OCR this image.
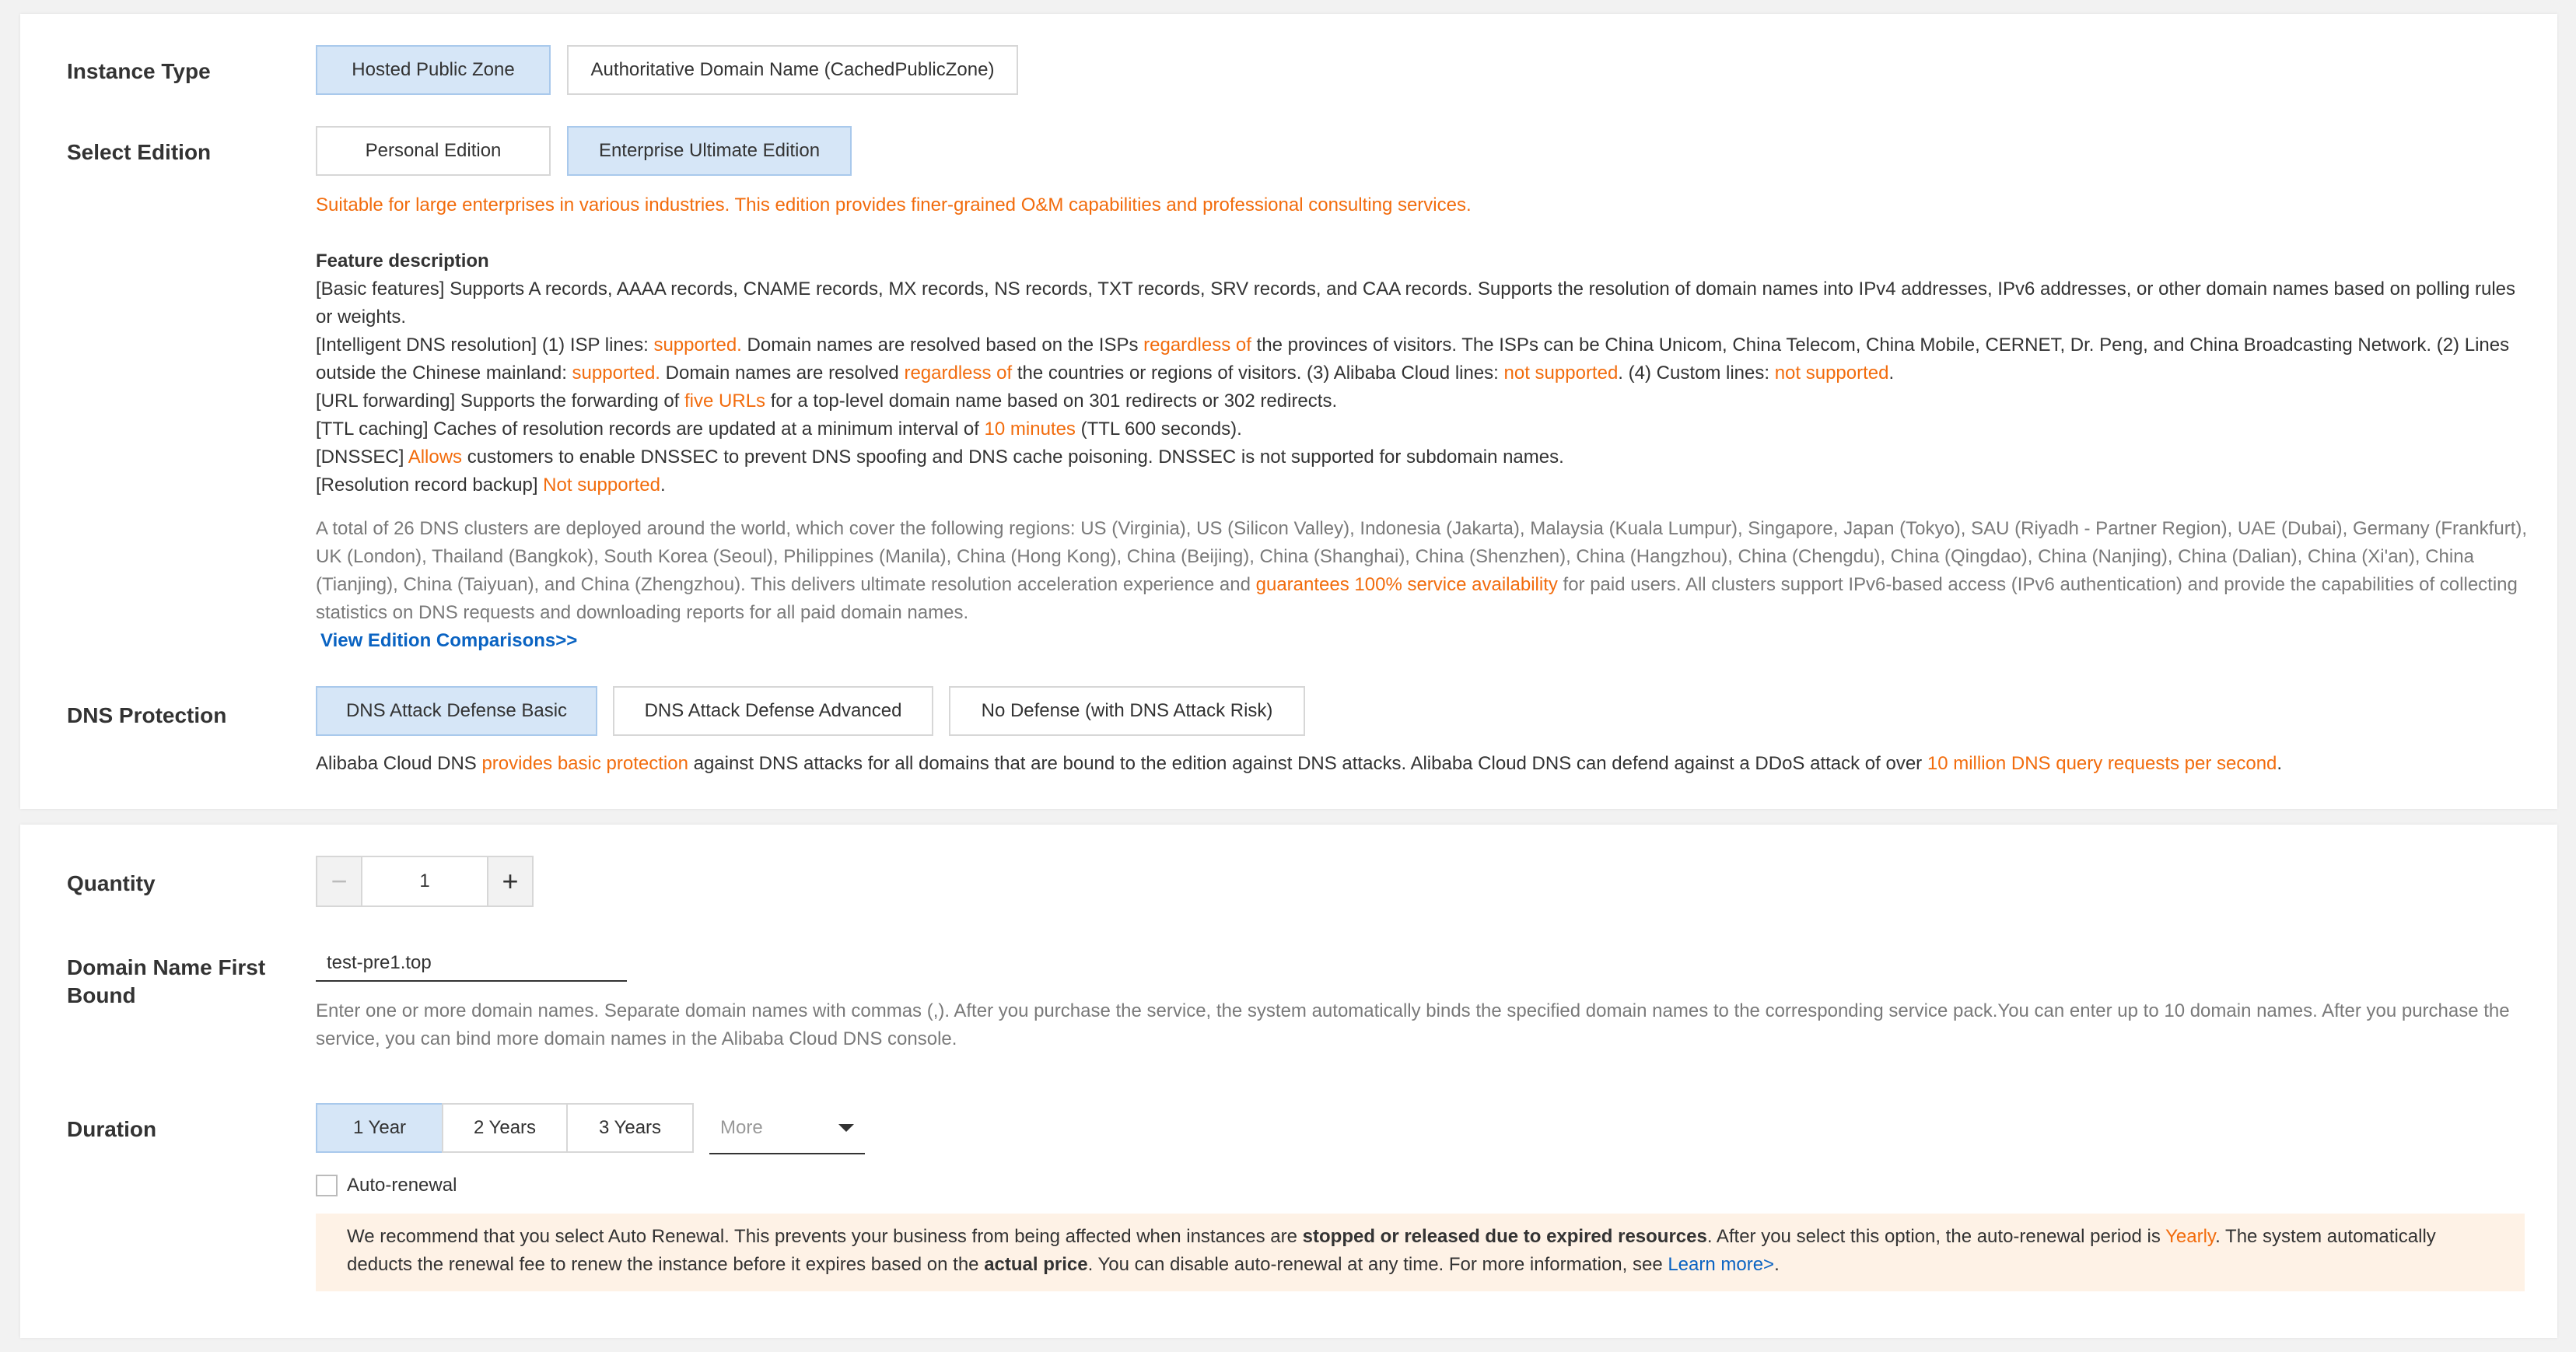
Instance Type	Hosted Public Zone	Authoritative Domain Name (CachedPublicZone)
Select Edition	Personal Edition	Enterprise Ultimate Edition
Suitable for large enterprises in various industries. This edition provides finer-grained O&M capabilities and professional consulting services.
Feature description
[Basic features] Supports A records, AAAA records, CNAME records, MX records, NS records, TXT records, SRV records, and CAA records. Supports the resolution of domain names into IPv4 addresses, IPv6 addresses, or other domain names based on polling rules or weights.
[Intelligent DNS resolution] (1) ISP lines: supported. Domain names are resolved based on the ISPs regardless of the provinces of visitors. The ISPs can be China Unicom, China Telecom, China Mobile, CERNET, Dr. Peng, and China Broadcasting Network. (2) Lines outside the Chinese mainland: supported. Domain names are resolved regardless of the countries or regions of visitors. (3) Alibaba Cloud lines: not supported. (4) Custom lines: not supported.
[URL forwarding] Supports the forwarding of five URLs for a top-level domain name based on 301 redirects or 302 redirects.
[TTL caching] Caches of resolution records are updated at a minimum interval of 10 minutes (TTL 600 seconds).
[DNSSEC] Allows customers to enable DNSSEC to prevent DNS spoofing and DNS cache poisoning. DNSSEC is not supported for subdomain names.
[Resolution record backup] Not supported.
A total of 26 DNS clusters are deployed around the world, which cover the following regions: US (Virginia), US (Silicon Valley), Indonesia (Jakarta), Malaysia (Kuala Lumpur), Singapore, Japan (Tokyo), SAU (Riyadh - Partner Region), UAE (Dubai), Germany (Frankfurt), UK (London), Thailand (Bangkok), South Korea (Seoul), Philippines (Manila), China (Hong Kong), China (Beijing), China (Shanghai), China (Shenzhen), China (Hangzhou), China (Chengdu), China (Qingdao), China (Nanjing), China (Dalian), China (Xi'an), China (Tianjing), China (Taiyuan), and China (Zhengzhou). This delivers ultimate resolution acceleration experience and guarantees 100% service availability for paid users. All clusters support IPv6-based access (IPv6 authentication) and provide the capabilities of collecting statistics on DNS requests and downloading reports for all paid domain names.
View Edition Comparisons>>
DNS Protection	DNS Attack Defense Basic	DNS Attack Defense Advanced	No Defense (with DNS Attack Risk)
Alibaba Cloud DNS provides basic protection against DNS attacks for all domains that are bound to the edition against DNS attacks. Alibaba Cloud DNS can defend against a DDoS attack of over 10 million DNS query requests per second.
Quantity	−	1	+
Domain Name First Bound
test-pre1.top
Enter one or more domain names. Separate domain names with commas (,). After you purchase the service, the system automatically binds the specified domain names to the corresponding service pack.You can enter up to 10 domain names. After you purchase the service, you can bind more domain names in the Alibaba Cloud DNS console.
Duration	1 Year	2 Years	3 Years	More
Auto-renewal
We recommend that you select Auto Renewal. This prevents your business from being affected when instances are stopped or released due to expired resources. After you select this option, the auto-renewal period is Yearly. The system automatically deducts the renewal fee to renew the instance before it expires based on the actual price. You can disable auto-renewal at any time. For more information, see Learn more>.
